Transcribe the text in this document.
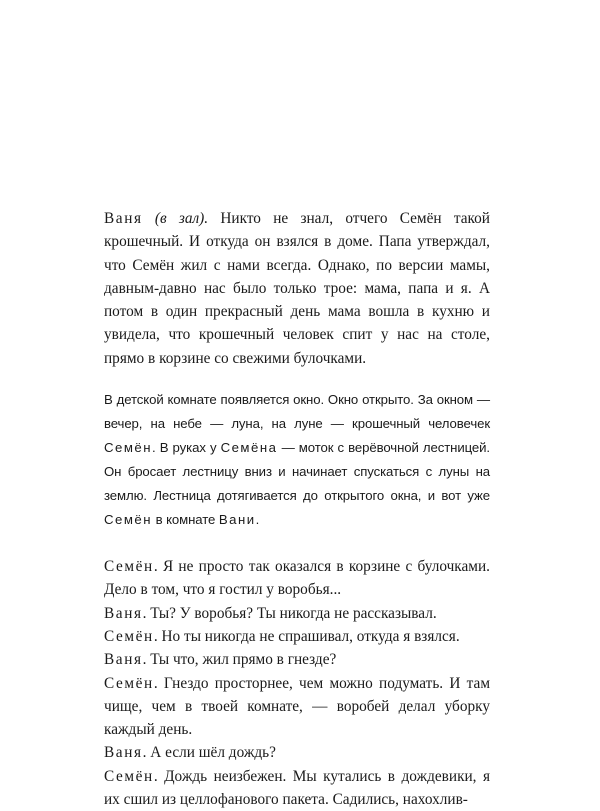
Ваня (в зал). Никто не знал, отчего Семён такой крошечный. И откуда он взялся в доме. Папа утверждал, что Семён жил с нами всегда. Однако, по версии мамы, давным-давно нас было только трое: мама, папа и я. А потом в один прекрасный день мама вошла в кухню и увидела, что крошечный человек спит у нас на столе, прямо в корзине со свежими булочками.

В детской комнате появляется окно. Окно открыто. За окном — вечер, на небе — луна, на луне — крошечный человечек Семён. В руках у Семёна — моток с верёвочной лестницей. Он бросает лестницу вниз и начинает спускаться с луны на землю. Лестница дотягивается до открытого окна, и вот уже Семён в комнате Вани.

Семён. Я не просто так оказался в корзине с булочками. Дело в том, что я гостил у воробья...

Ваня. Ты? У воробья? Ты никогда не рассказывал.

Семён. Но ты никогда не спрашивал, откуда я взялся.

Ваня. Ты что, жил прямо в гнезде?

Семён. Гнездо просторнее, чем можно подумать. И там чище, чем в твоей комнате, — воробей делал уборку каждый день.

Ваня. А если шёл дождь?

Семён. Дождь неизбежен. Мы кутались в дождевики, я их сшил из целлофанового пакета. Садились, нахохлив-
